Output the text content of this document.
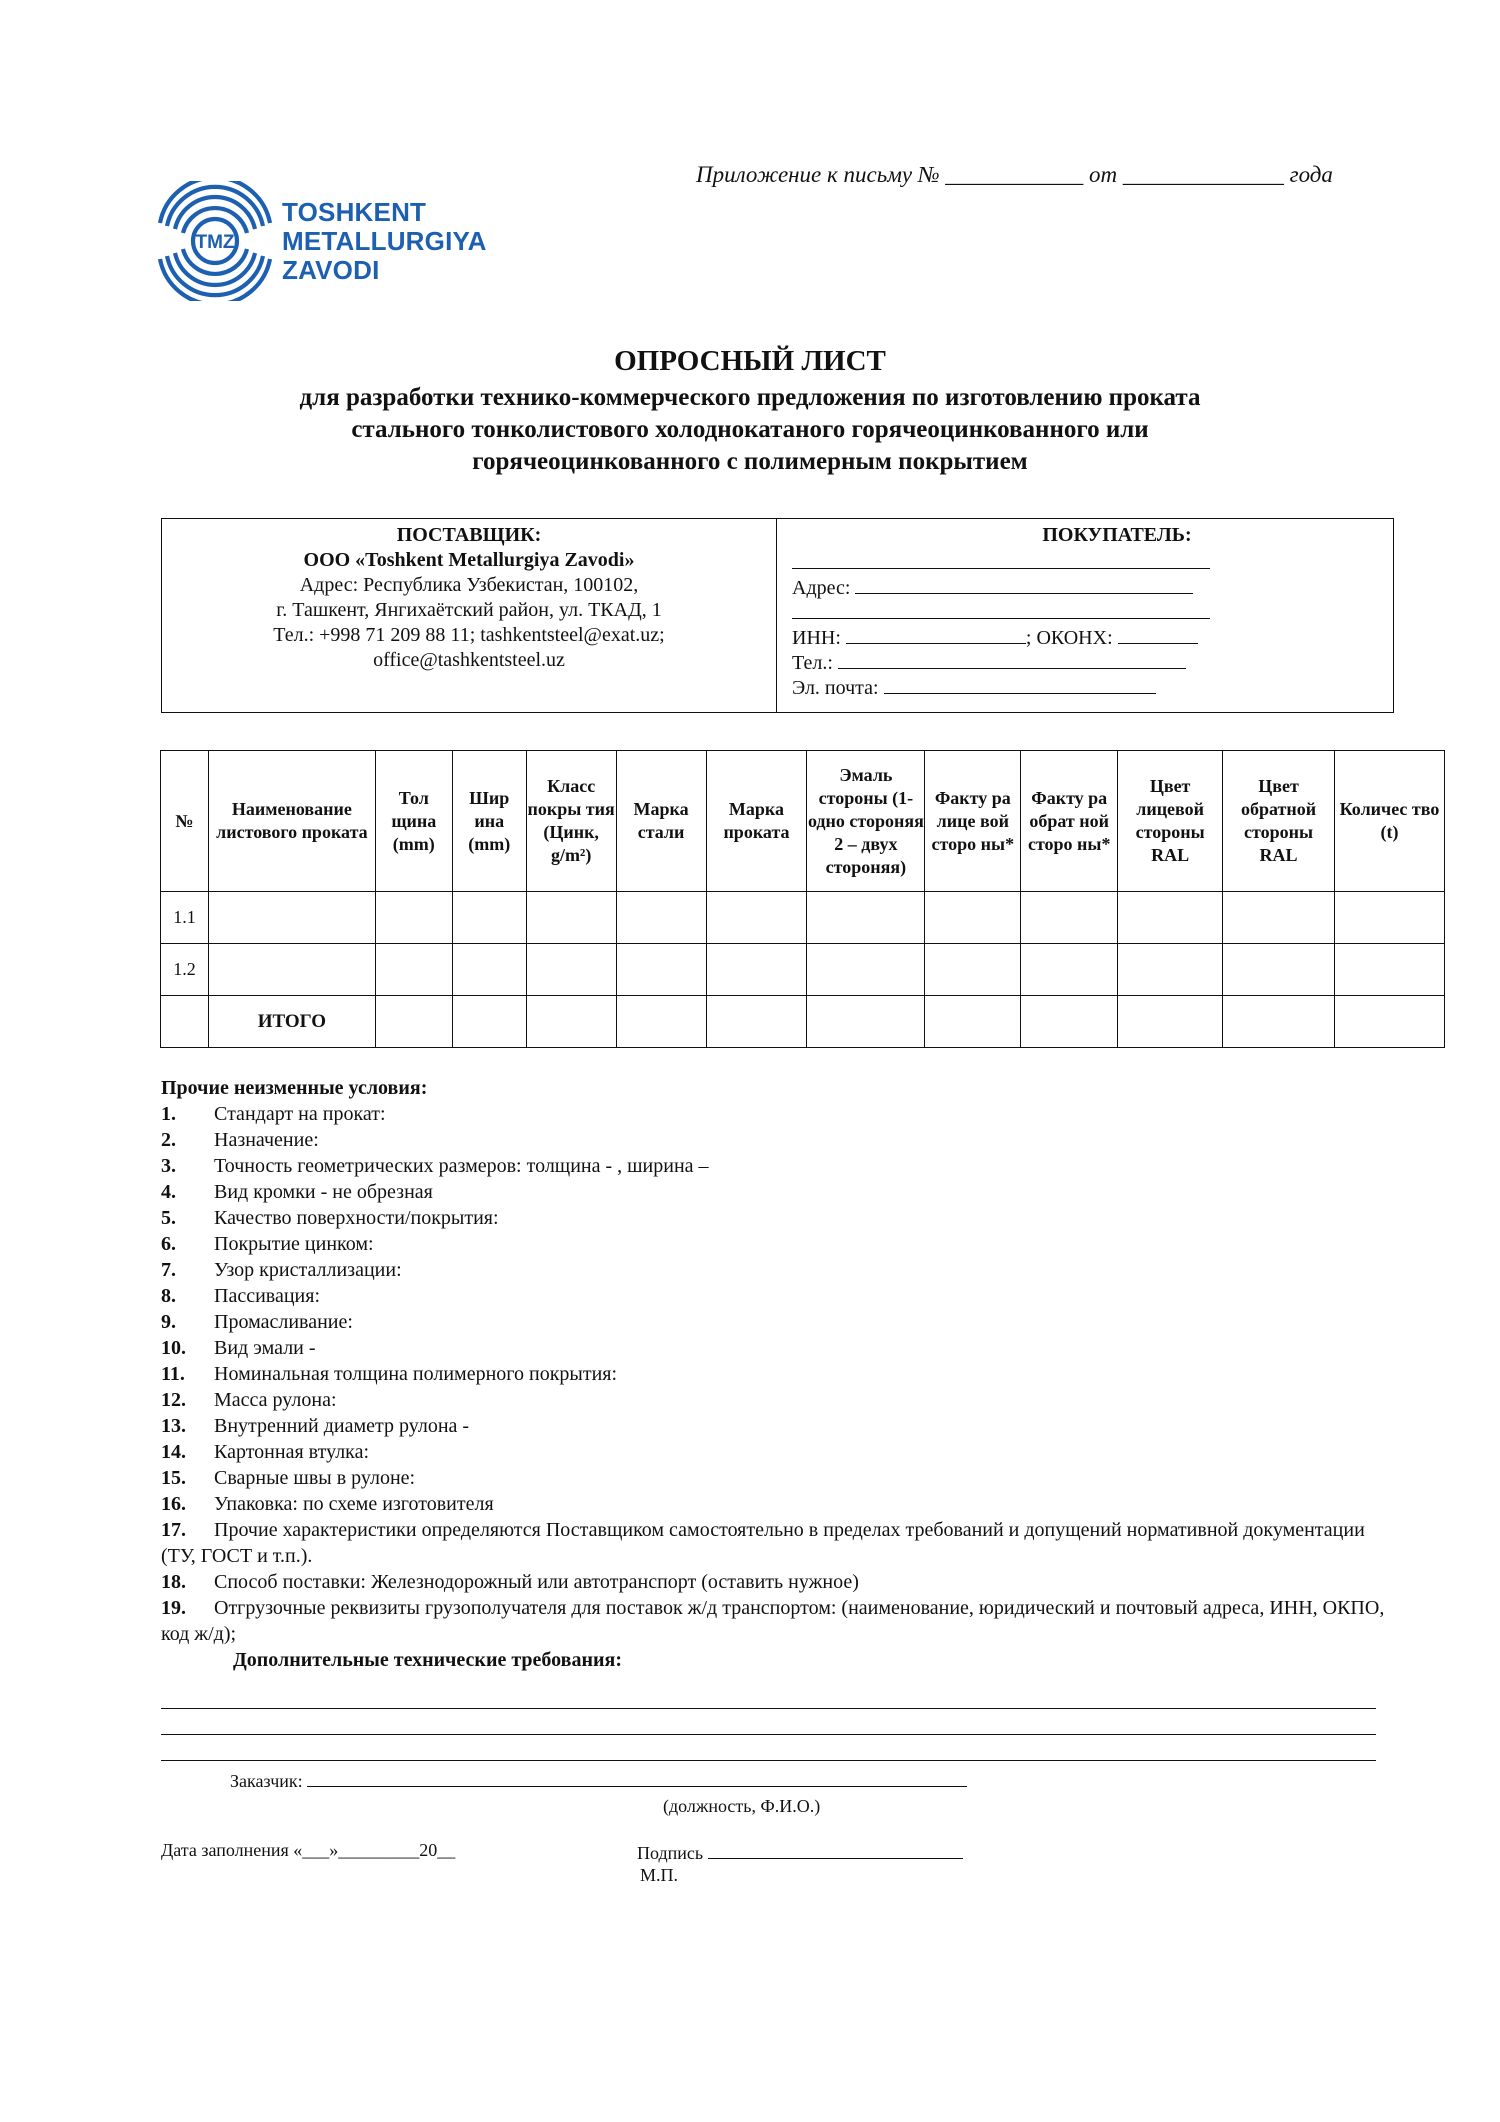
Приложение к письму № ____________ от ______________ года
TMZ
TOSHKENT
METALLURGIYA
ZAVODI
ОПРОСНЫЙ ЛИСТ
для разработки технико-коммерческого предложения по изготовлению проката
стального тонколистового холоднокатаного горячеоцинкованного или
горячеоцинкованного с полимерным покрытием
ПОСТАВЩИК:
ООО «Toshkent Metallurgiya Zavodi»
Адрес: Республика Узбекистан, 100102,
г. Ташкент, Янгихаётский район, ул. ТКАД, 1
Тел.: +998 71 209 88 11; tashkentsteel@exat.uz;
office@tashkentsteel.uz
ПОКУПАТЕЛЬ:
Адрес:
ИНН:	; ОКОНХ:
Тел.:
Эл. почта:
№	Наименование листового проката	Тол щина (mm)	Шир ина (mm)	Класс покры тия (Цинк, g/m²)	Марка стали	Марка проката	Эмаль стороны (1- одно стороняя 2 – двух стороняя)	Факту ра лице вой сторо ны*	Факту ра обрат ной сторо ны*	Цвет лицевой стороны RAL	Цвет обратной стороны RAL	Количес тво (t)
1.1												
1.2												
	ИТОГО											
Прочие неизменные условия:
1. Стандарт на прокат:
2. Назначение:
3. Точность геометрических размеров: толщина - , ширина –
4. Вид кромки - не обрезная
5. Качество поверхности/покрытия:
6. Покрытие цинком:
7. Узор кристаллизации:
8. Пассивация:
9. Промасливание:
10. Вид эмали -
11. Номинальная толщина полимерного покрытия:
12. Масса рулона:
13. Внутренний диаметр рулона -
14. Картонная втулка:
15. Сварные швы в рулоне:
16. Упаковка: по схеме изготовителя
17. Прочие характеристики определяются Поставщиком самостоятельно в пределах требований и допущений нормативной документации (ТУ, ГОСТ и т.п.).
18. Способ поставки: Железнодорожный или автотранспорт (оставить нужное)
19. Отгрузочные реквизиты грузополучателя для поставок ж/д транспортом: (наименование, юридический и почтовый адреса, ИНН, ОКПО, код ж/д);
Дополнительные технические требования:
Заказчик:
(должность, Ф.И.О.)
Дата заполнения «___»_________20__	Подпись
М.П.
